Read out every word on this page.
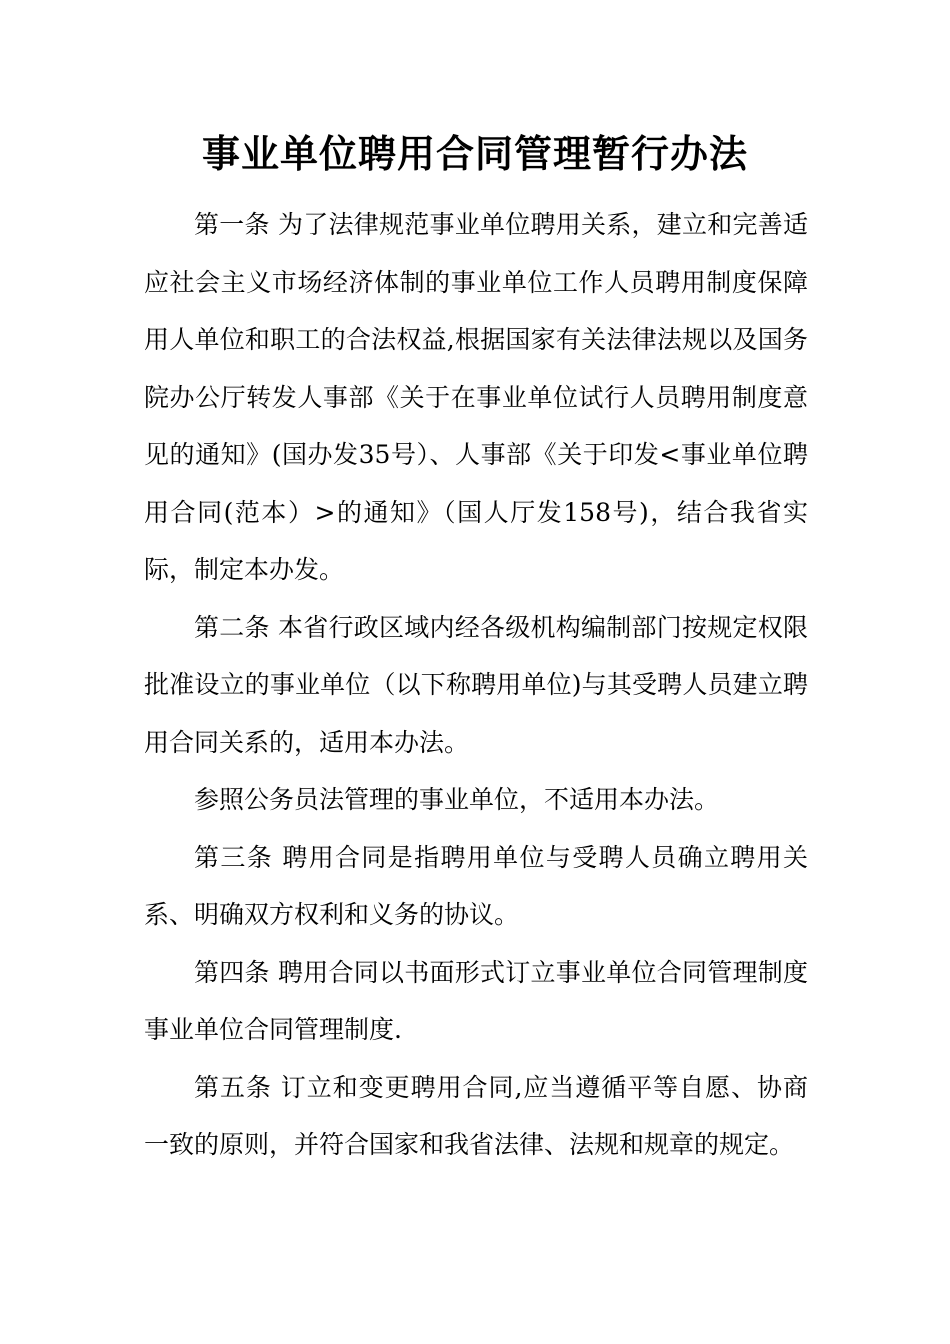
事业单位聘用合同管理暂行办法

第一条 为了法律规范事业单位聘用关系，建立和完善适应社会主义市场经济体制的事业单位工作人员聘用制度保障用人单位和职工的合法权益,根据国家有关法律法规以及国务院办公厅转发人事部《关于在事业单位试行人员聘用制度意见的通知》(国办发35号）、人事部《关于印发<事业单位聘用合同(范本）>的通知》（国人厅发158号)，结合我省实际，制定本办发。

第二条 本省行政区域内经各级机构编制部门按规定权限批准设立的事业单位（以下称聘用单位)与其受聘人员建立聘用合同关系的，适用本办法。

参照公务员法管理的事业单位，不适用本办法。

第三条 聘用合同是指聘用单位与受聘人员确立聘用关系、明确双方权利和义务的协议。

第四条 聘用合同以书面形式订立事业单位合同管理制度事业单位合同管理制度.

第五条 订立和变更聘用合同,应当遵循平等自愿、协商一致的原则，并符合国家和我省法律、法规和规章的规定。
